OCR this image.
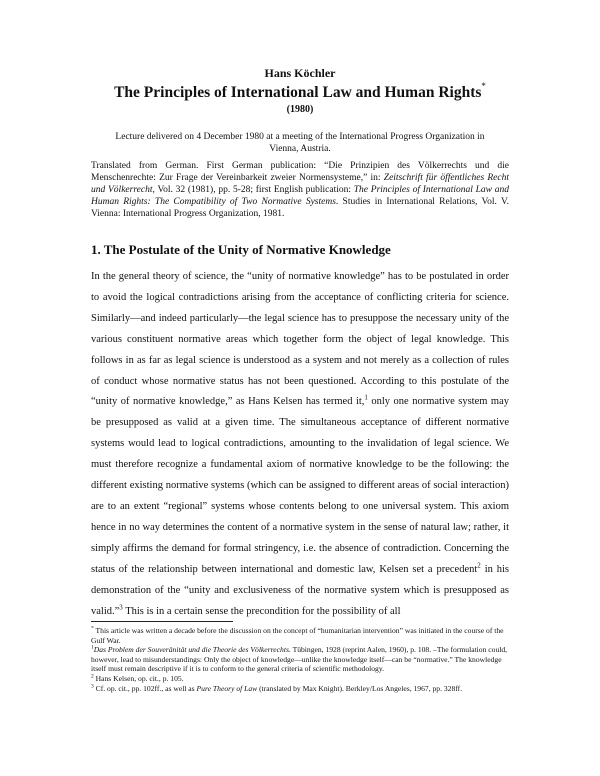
Hans Köchler
The Principles of International Law and Human Rights*
(1980)
Lecture delivered on 4 December 1980 at a meeting of the International Progress Organization in Vienna, Austria.
Translated from German. First German publication: “Die Prinzipien des Völkerrechts und die Menschenrechte: Zur Frage der Vereinbarkeit zweier Normensysteme,” in: Zeitschrift für öffentliches Recht und Völkerrecht, Vol. 32 (1981), pp. 5-28; first English publication: The Principles of International Law and Human Rights: The Compatibility of Two Normative Systems. Studies in International Relations, Vol. V. Vienna: International Progress Organization, 1981.
1. The Postulate of the Unity of Normative Knowledge

In the general theory of science, the “unity of normative knowledge” has to be postulated in order to avoid the logical contradictions arising from the acceptance of conflicting criteria for science. Similarly—and indeed particularly—the legal science has to presuppose the necessary unity of the various constituent normative areas which together form the object of legal knowledge. This follows in as far as legal science is understood as a system and not merely as a collection of rules of conduct whose normative status has not been questioned. According to this postulate of the “unity of normative knowledge,” as Hans Kelsen has termed it,$^1$ only one normative system may be presupposed as valid at a given time. The simultaneous acceptance of different normative systems would lead to logical contradictions, amounting to the invalidation of legal science. We must therefore recognize a fundamental axiom of normative knowledge to be the following: the different existing normative systems (which can be assigned to different areas of social interaction) are to an extent “regional” systems whose contents belong to one universal system. This axiom hence in no way determines the content of a normative system in the sense of natural law; rather, it simply affirms the demand for formal stringency, i.e. the absence of contradiction. Concerning the status of the relationship between international and domestic law, Kelsen set a precedent$^2$ in his demonstration of the “unity and exclusiveness of the normative system which is presupposed as valid.”$^3$ This is in a certain sense the precondition for the possibility of all

* This article was written a decade before the discussion on the concept of “humanitarian intervention” was initiated in the course of the Gulf War.
$^1$Das Problem der Souveränität und die Theorie des Völkerrechts. Tübingen, 1928 (reprint Aalen, 1960), p. 108. –The formulation could, however, lead to misunderstandings: Only the object of knowledge—unlike the knowledge itself—can be “normative.” The knowledge itself must remain descriptive if it is to conform to the general criteria of scientific methodology.
$^2$ Hans Kelsen, op. cit., p. 105.
$^3$ Cf. op. cit., pp. 102ff., as well as Pure Theory of Law (translated by Max Knight). Berkley/Los Angeles, 1967, pp. 328ff.
